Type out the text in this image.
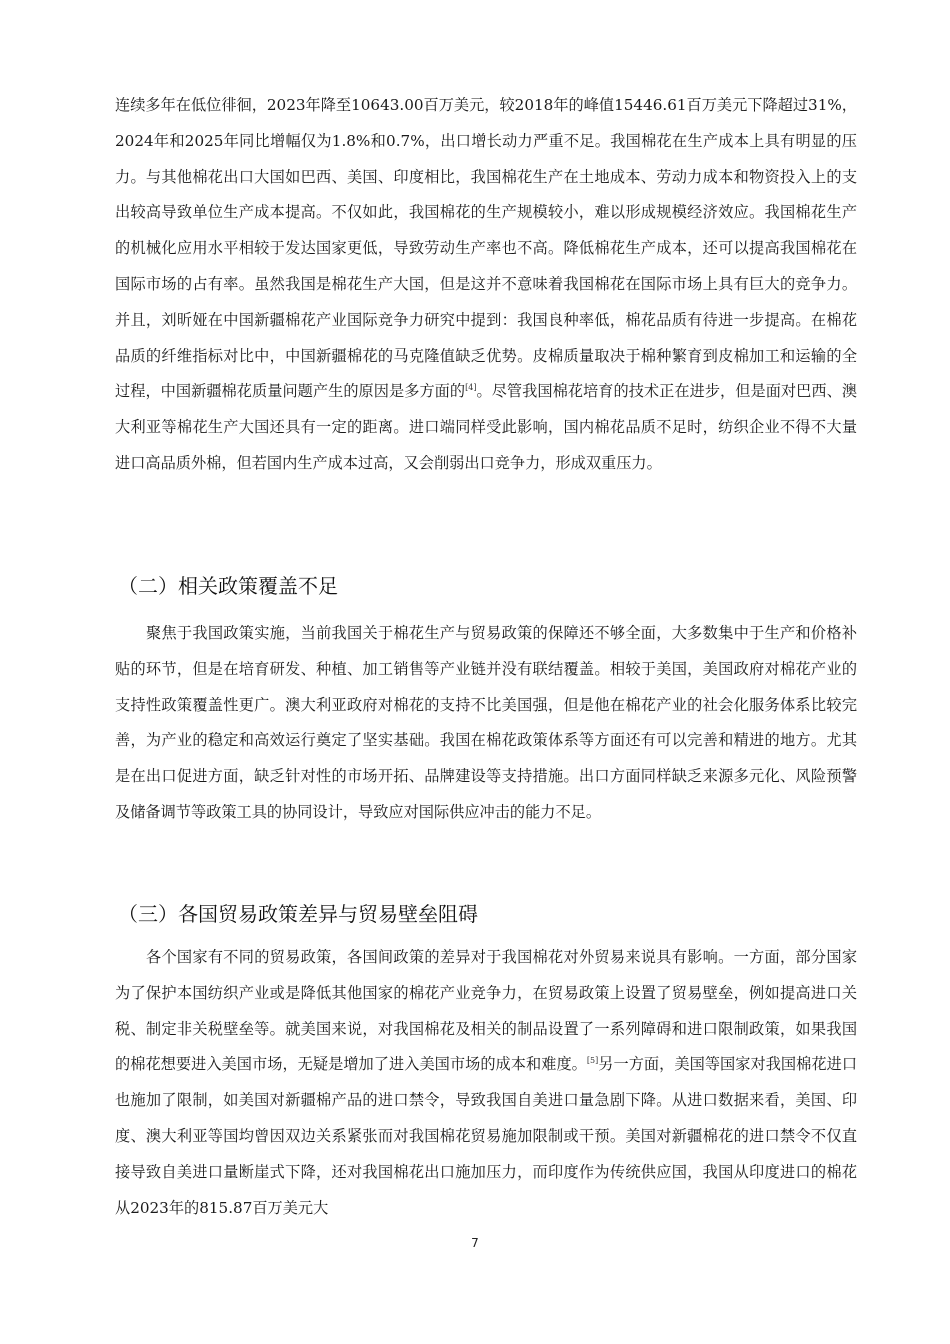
连续多年在低位徘徊，2023年降至10643.00百万美元，较2018年的峰值15446.61百万美元下降超过31%，2024年和2025年同比增幅仅为1.8%和0.7%，出口增长动力严重不足。我国棉花在生产成本上具有明显的压力。与其他棉花出口大国如巴西、美国、印度相比，我国棉花生产在土地成本、劳动力成本和物资投入上的支出较高导致单位生产成本提高。不仅如此，我国棉花的生产规模较小，难以形成规模经济效应。我国棉花生产的机械化应用水平相较于发达国家更低，导致劳动生产率也不高。降低棉花生产成本，还可以提高我国棉花在国际市场的占有率。虽然我国是棉花生产大国，但是这并不意味着我国棉花在国际市场上具有巨大的竞争力。并且，刘昕娅在中国新疆棉花产业国际竞争力研究中提到：我国良种率低，棉花品质有待进一步提高。在棉花品质的纤维指标对比中，中国新疆棉花的马克隆值缺乏优势。皮棉质量取决于棉种繁育到皮棉加工和运输的全过程，中国新疆棉花质量问题产生的原因是多方面的[4]。尽管我国棉花培育的技术正在进步，但是面对巴西、澳大利亚等棉花生产大国还具有一定的距离。进口端同样受此影响，国内棉花品质不足时，纺织企业不得不大量进口高品质外棉，但若国内生产成本过高，又会削弱出口竞争力，形成双重压力。

（二）相关政策覆盖不足

聚焦于我国政策实施，当前我国关于棉花生产与贸易政策的保障还不够全面，大多数集中于生产和价格补贴的环节，但是在培育研发、种植、加工销售等产业链并没有联结覆盖。相较于美国，美国政府对棉花产业的支持性政策覆盖性更广。澳大利亚政府对棉花的支持不比美国强，但是他在棉花产业的社会化服务体系比较完善，为产业的稳定和高效运行奠定了坚实基础。我国在棉花政策体系等方面还有可以完善和精进的地方。尤其是在出口促进方面，缺乏针对性的市场开拓、品牌建设等支持措施。出口方面同样缺乏来源多元化、风险预警及储备调节等政策工具的协同设计，导致应对国际供应冲击的能力不足。

（三）各国贸易政策差异与贸易壁垒阻碍

各个国家有不同的贸易政策，各国间政策的差异对于我国棉花对外贸易来说具有影响。一方面，部分国家为了保护本国纺织产业或是降低其他国家的棉花产业竞争力，在贸易政策上设置了贸易壁垒，例如提高进口关税、制定非关税壁垒等。就美国来说，对我国棉花及相关的制品设置了一系列障碍和进口限制政策，如果我国的棉花想要进入美国市场，无疑是增加了进入美国市场的成本和难度。[5]另一方面，美国等国家对我国棉花进口也施加了限制，如美国对新疆棉产品的进口禁令，导致我国自美进口量急剧下降。从进口数据来看，美国、印度、澳大利亚等国均曾因双边关系紧张而对我国棉花贸易施加限制或干预。美国对新疆棉花的进口禁令不仅直接导致自美进口量断崖式下降，还对我国棉花出口施加压力，而印度作为传统供应国，我国从印度进口的棉花从2023年的815.87百万美元大

7
